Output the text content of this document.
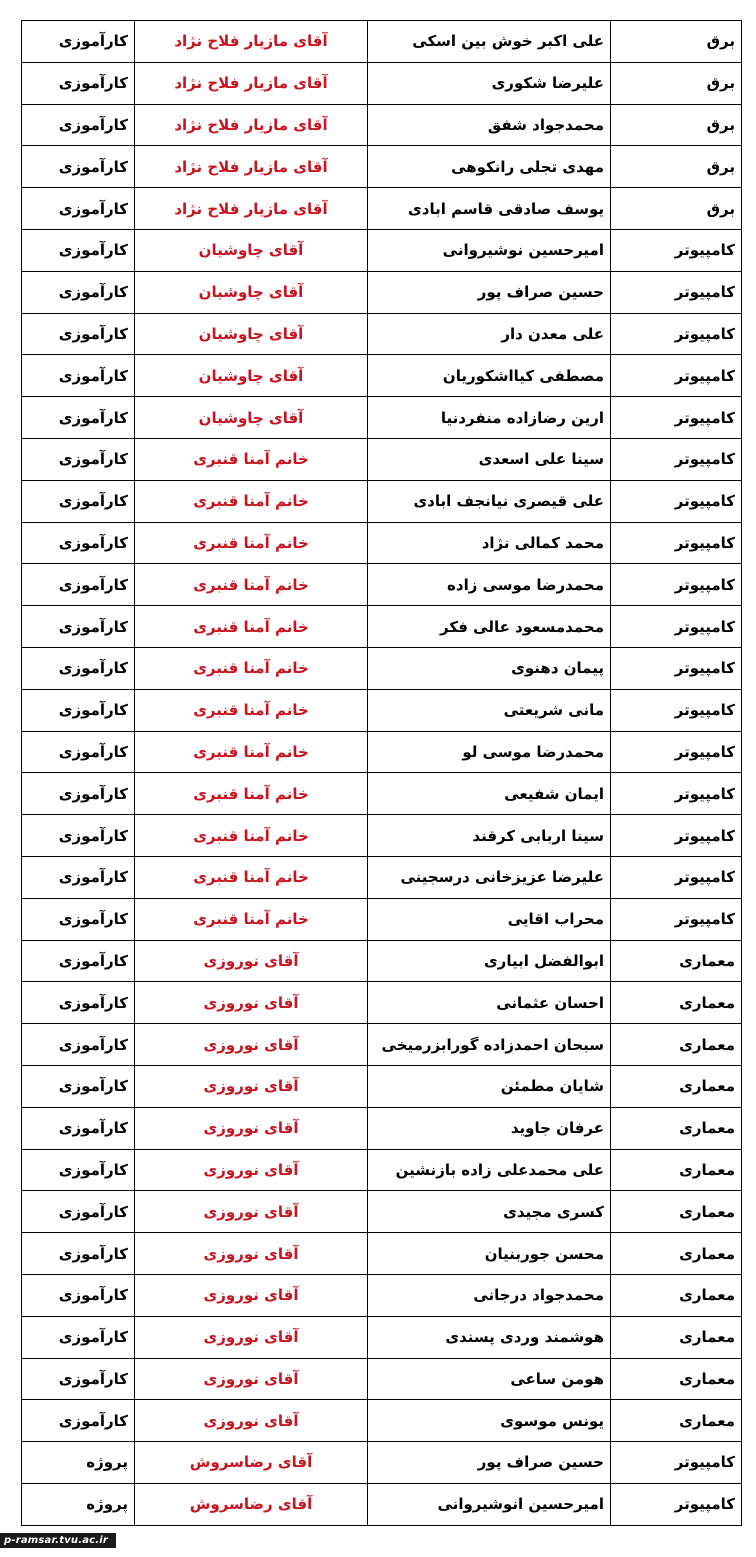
برق	علی اکبر خوش بین اسکی	آقای مازیار فلاح نژاد	کارآموزی
برق	علیرضا شکوری	آقای مازیار فلاح نژاد	کارآموزی
برق	محمدجواد شفق	آقای مازیار فلاح نژاد	کارآموزی
برق	مهدی تجلی رانکوهی	آقای مازیار فلاح نژاد	کارآموزی
برق	یوسف صادقی قاسم ابادی	آقای مازیار فلاح نژاد	کارآموزی
کامپیوتر	امیرحسین نوشیروانی	آقای چاوشیان	کارآموزی
کامپیوتر	حسین صراف پور	آقای چاوشیان	کارآموزی
کامپیوتر	علی معدن دار	آقای چاوشیان	کارآموزی
کامپیوتر	مصطفی کیااشکوریان	آقای چاوشیان	کارآموزی
کامپیوتر	ارین رضازاده منفردنیا	آقای چاوشیان	کارآموزی
کامپیوتر	سینا علی اسعدی	خانم آمنا قنبری	کارآموزی
کامپیوتر	علی قیصری نیانجف ابادی	خانم آمنا قنبری	کارآموزی
کامپیوتر	محمد کمالی نژاد	خانم آمنا قنبری	کارآموزی
کامپیوتر	محمدرضا موسی زاده	خانم آمنا قنبری	کارآموزی
کامپیوتر	محمدمسعود عالی فکر	خانم آمنا قنبری	کارآموزی
کامپیوتر	پیمان دهنوی	خانم آمنا قنبری	کارآموزی
کامپیوتر	مانی شریعتی	خانم آمنا قنبری	کارآموزی
کامپیوتر	محمدرضا موسی لو	خانم آمنا قنبری	کارآموزی
کامپیوتر	ایمان شفیعی	خانم آمنا قنبری	کارآموزی
کامپیوتر	سینا اربابی کرقند	خانم آمنا قنبری	کارآموزی
کامپیوتر	علیرضا عزیزخانی درسجینی	خانم آمنا قنبری	کارآموزی
کامپیوتر	محراب اقایی	خانم آمنا قنبری	کارآموزی
معماری	ابوالفضل ابیاری	آقای نوروزی	کارآموزی
معماری	احسان عثمانی	آقای نوروزی	کارآموزی
معماری	سبحان احمدزاده گورابزرمیخی	آقای نوروزی	کارآموزی
معماری	شایان مطمئن	آقای نوروزی	کارآموزی
معماری	عرفان جاوید	آقای نوروزی	کارآموزی
معماری	علی محمدعلی زاده بازنشین	آقای نوروزی	کارآموزی
معماری	کسری مجیدی	آقای نوروزی	کارآموزی
معماری	محسن جوربنیان	آقای نوروزی	کارآموزی
معماری	محمدجواد درجانی	آقای نوروزی	کارآموزی
معماری	هوشمند وردی پسندی	آقای نوروزی	کارآموزی
معماری	هومن ساعی	آقای نوروزی	کارآموزی
معماری	یونس موسوی	آقای نوروزی	کارآموزی
کامپیوتر	حسین صراف پور	آقای رضاسروش	پروژه
کامپیوتر	امیرحسین انوشیروانی	آقای رضاسروش	پروژه
p-ramsar.tvu.ac.ir
